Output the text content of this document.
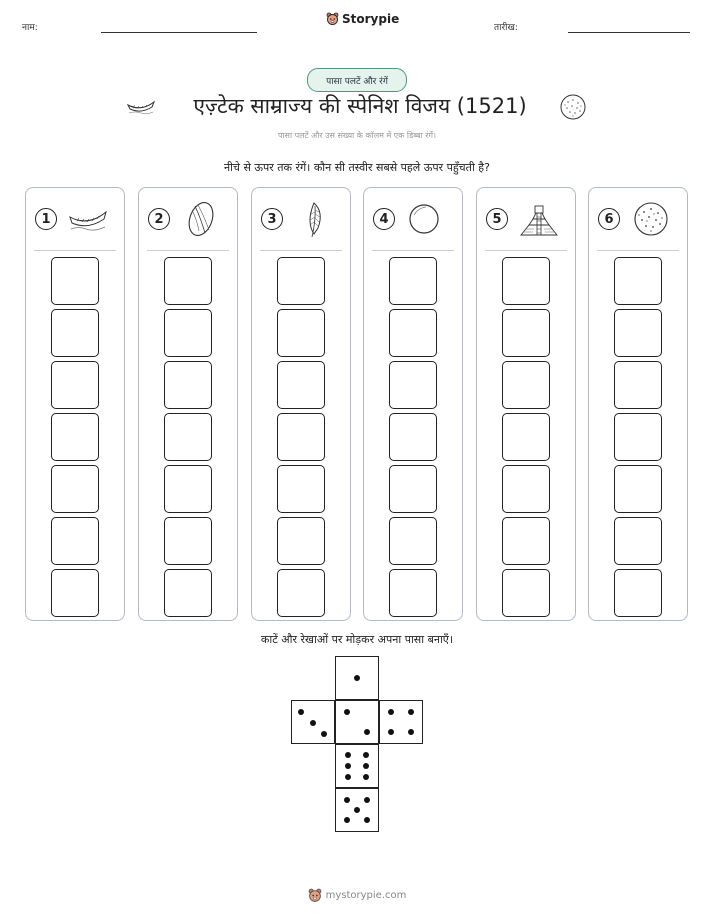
नाम:
Storypie
तारीख:
पासा पलटें और रंगें
एज़्टेक साम्राज्य की स्पेनिश विजय (1521)
पासा पलटें और उस संख्या के कॉलम में एक डिब्बा रंगें।
नीचे से ऊपर तक रंगें। कौन सी तस्वीर सबसे पहले ऊपर पहुँचती है?
1	2	3	4	5	6
काटें और रेखाओं पर मोड़कर अपना पासा बनाएँ।
mystorypie.com
